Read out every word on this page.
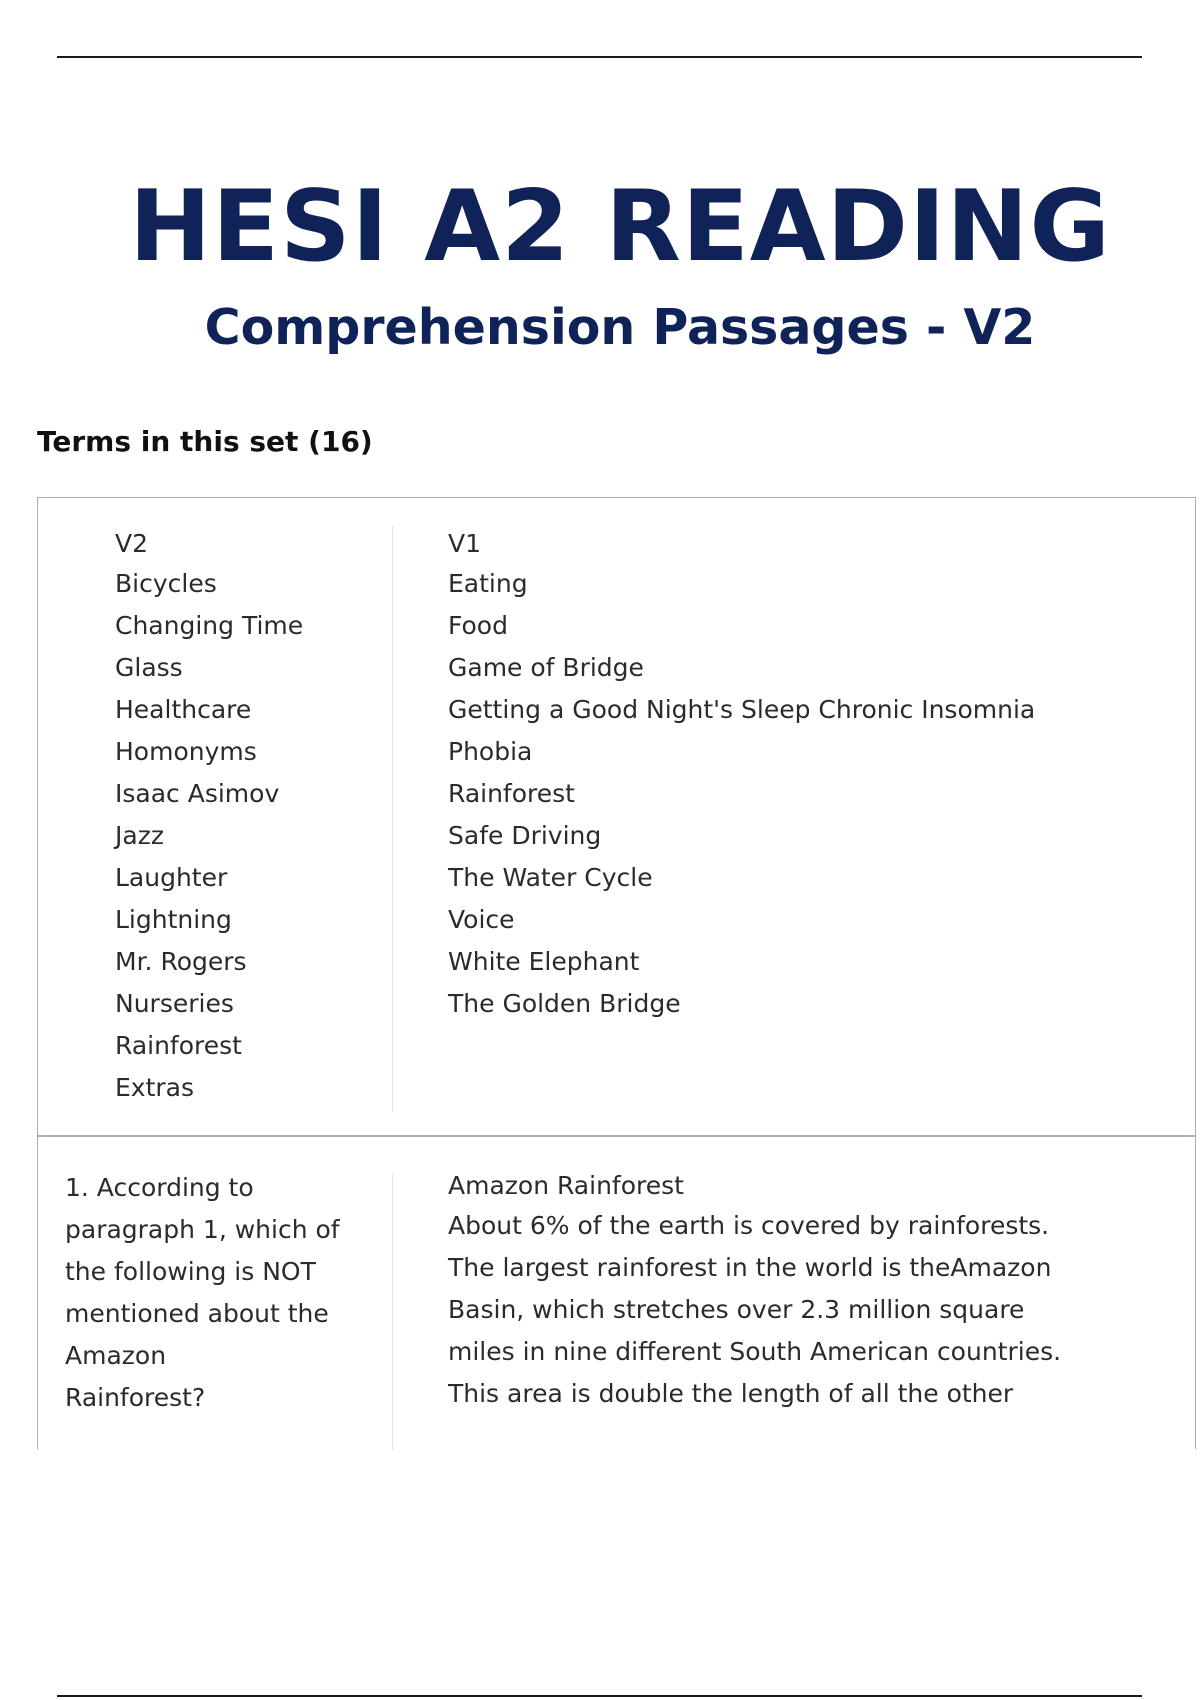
HESI A2 READING
Comprehension Passages - V2
Terms in this set (16)
V2
Bicycles
Changing Time
Glass
Healthcare
Homonyms
Isaac Asimov
Jazz
Laughter
Lightning
Mr. Rogers
Nurseries
Rainforest
Extras
V1
Eating
Food
Game of Bridge
Getting a Good Night's Sleep Chronic Insomnia
Phobia
Rainforest
Safe Driving
The Water Cycle
Voice
White Elephant
The Golden Bridge

1. According to
paragraph 1, which of
the following is NOT
mentioned about the
Amazon
Rainforest?

Amazon Rainforest
About 6% of the earth is covered by rainforests.
The largest rainforest in the world is theAmazon
Basin, which stretches over 2.3 million square
miles in nine different South American countries.
This area is double the length of all the other
